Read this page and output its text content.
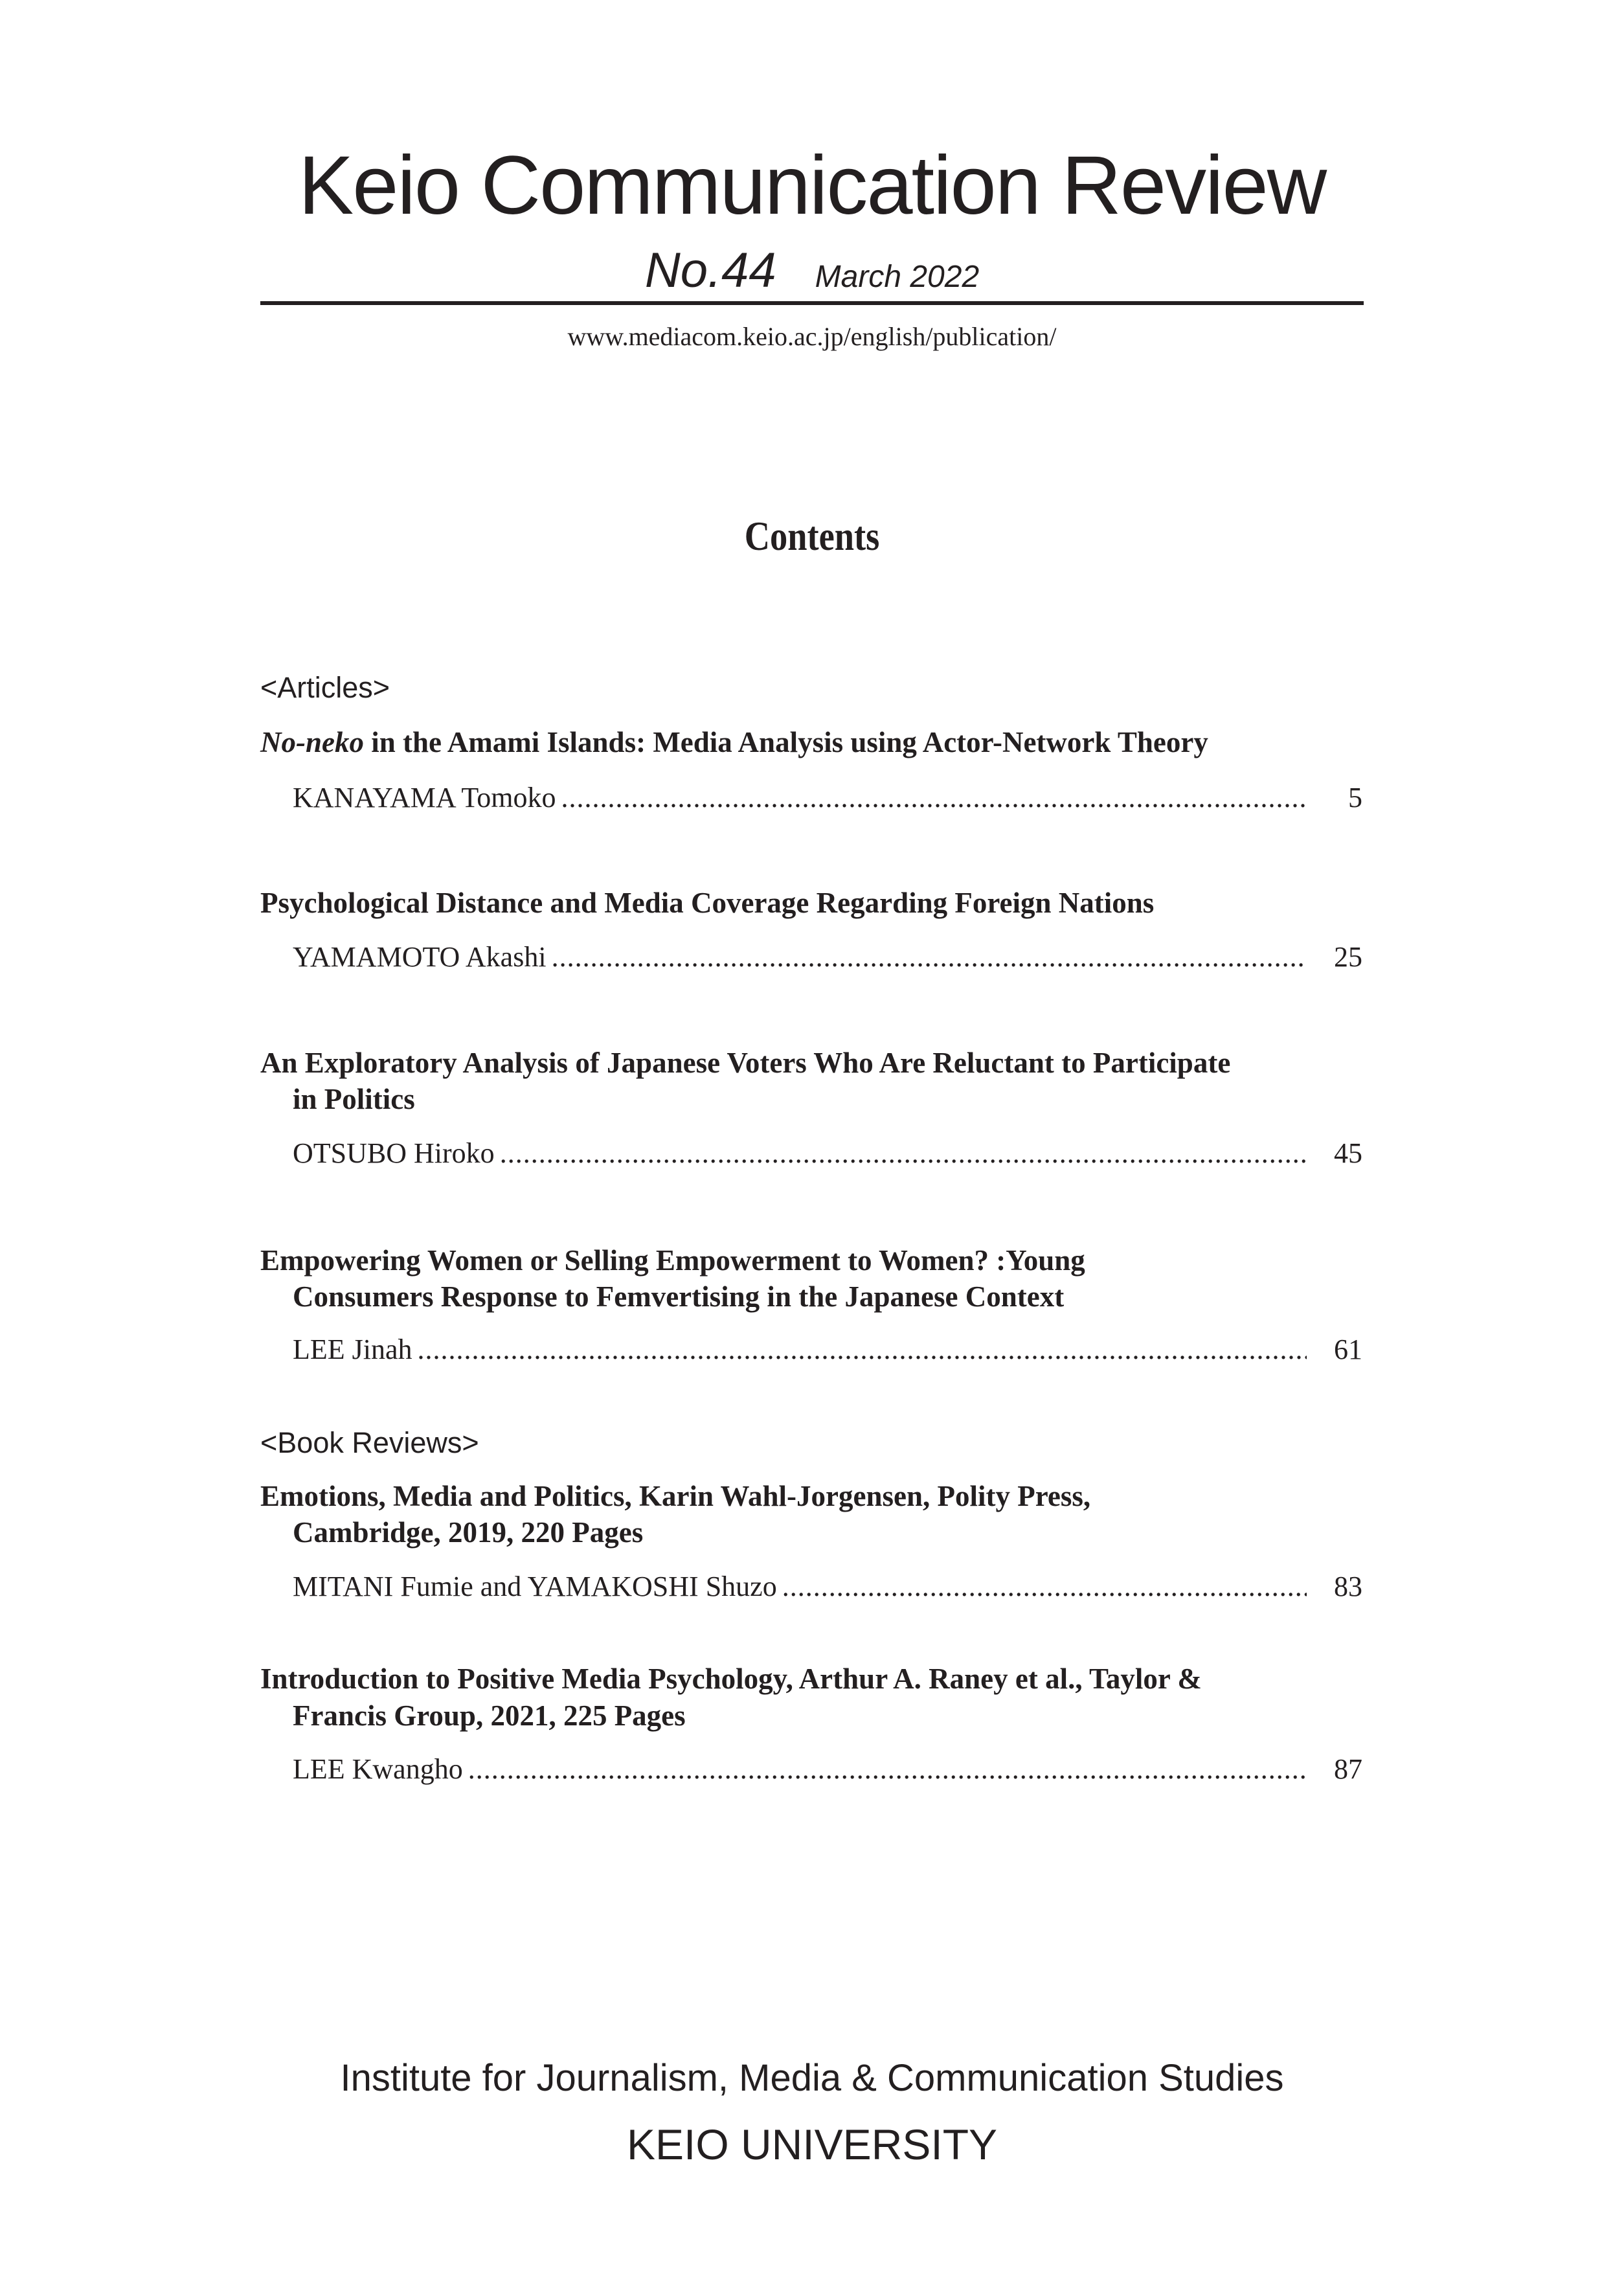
Keio Communication Review
No.44 March 2022
www.mediacom.keio.ac.jp/english/publication/
Contents
<Articles>
No-neko in the Amami Islands: Media Analysis using Actor-Network Theory
KANAYAMA Tomoko .....	5
Psychological Distance and Media Coverage Regarding Foreign Nations
YAMAMOTO Akashi .....	25
An Exploratory Analysis of Japanese Voters Who Are Reluctant to Participate
in Politics
OTSUBO Hiroko .....	45
Empowering Women or Selling Empowerment to Women? :Young
Consumers Response to Femvertising in the Japanese Context
LEE Jinah .....	61
<Book Reviews>
Emotions, Media and Politics, Karin Wahl-Jorgensen, Polity Press,
Cambridge, 2019, 220 Pages
MITANI Fumie and YAMAKOSHI Shuzo .....	83
Introduction to Positive Media Psychology, Arthur A. Raney et al., Taylor &
Francis Group, 2021, 225 Pages
LEE Kwangho .....	87
Institute for Journalism, Media & Communication Studies
KEIO UNIVERSITY
